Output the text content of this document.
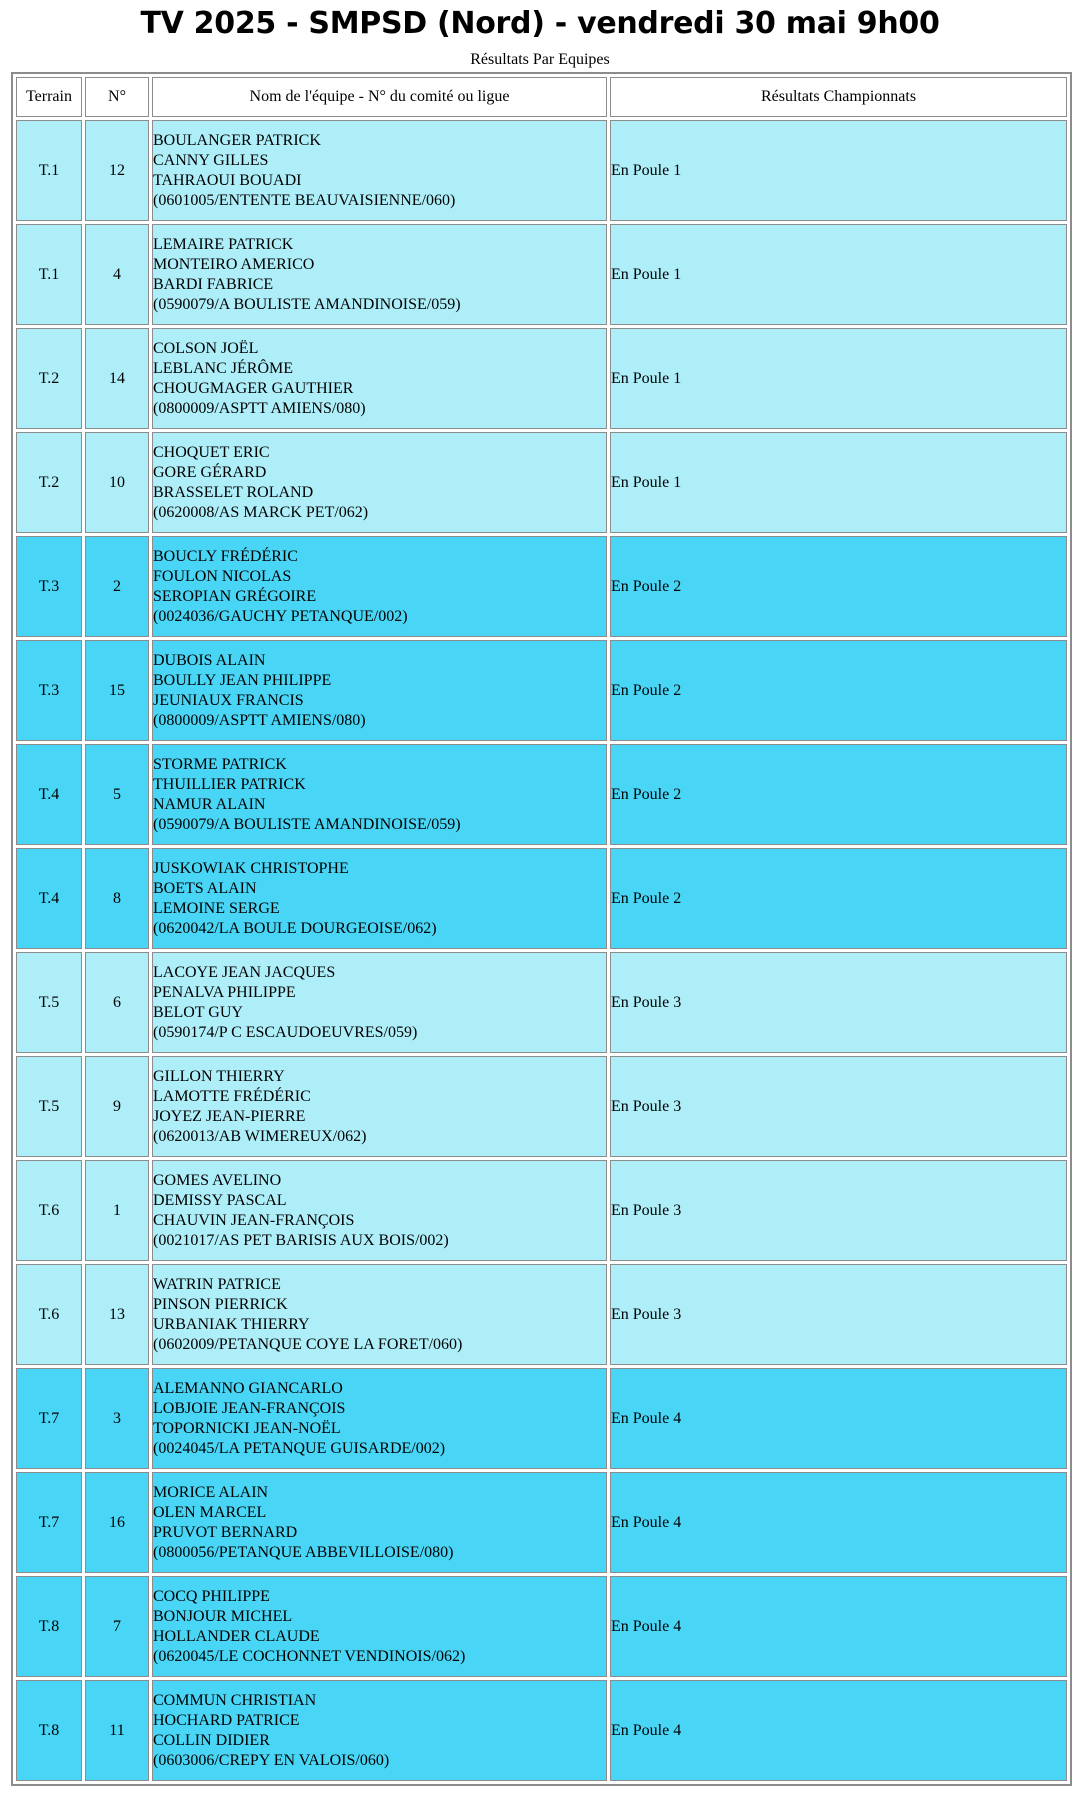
TV 2025 - SMPSD (Nord) - vendredi 30 mai 9h00
Résultats Par Equipes
Terrain	N°	Nom de l'équipe - N° du comité ou ligue	Résultats Championnats
T.1	12	BOULANGER PATRICK
CANNY GILLES
TAHRAOUI BOUADI
(0601005/ENTENTE BEAUVAISIENNE/060)	En Poule 1
T.1	4	LEMAIRE PATRICK
MONTEIRO AMERICO
BARDI FABRICE
(0590079/A BOULISTE AMANDINOISE/059)	En Poule 1
T.2	14	COLSON JOËL
LEBLANC JÉRÔME
CHOUGMAGER GAUTHIER
(0800009/ASPTT AMIENS/080)	En Poule 1
T.2	10	CHOQUET ERIC
GORE GÉRARD
BRASSELET ROLAND
(0620008/AS MARCK PET/062)	En Poule 1
T.3	2	BOUCLY FRÉDÉRIC
FOULON NICOLAS
SEROPIAN GRÉGOIRE
(0024036/GAUCHY PETANQUE/002)	En Poule 2
T.3	15	DUBOIS ALAIN
BOULLY JEAN PHILIPPE
JEUNIAUX FRANCIS
(0800009/ASPTT AMIENS/080)	En Poule 2
T.4	5	STORME PATRICK
THUILLIER PATRICK
NAMUR ALAIN
(0590079/A BOULISTE AMANDINOISE/059)	En Poule 2
T.4	8	JUSKOWIAK CHRISTOPHE
BOETS ALAIN
LEMOINE SERGE
(0620042/LA BOULE DOURGEOISE/062)	En Poule 2
T.5	6	LACOYE JEAN JACQUES
PENALVA PHILIPPE
BELOT GUY
(0590174/P C ESCAUDOEUVRES/059)	En Poule 3
T.5	9	GILLON THIERRY
LAMOTTE FRÉDÉRIC
JOYEZ JEAN-PIERRE
(0620013/AB WIMEREUX/062)	En Poule 3
T.6	1	GOMES AVELINO
DEMISSY PASCAL
CHAUVIN JEAN-FRANÇOIS
(0021017/AS PET BARISIS AUX BOIS/002)	En Poule 3
T.6	13	WATRIN PATRICE
PINSON PIERRICK
URBANIAK THIERRY
(0602009/PETANQUE COYE LA FORET/060)	En Poule 3
T.7	3	ALEMANNO GIANCARLO
LOBJOIE JEAN-FRANÇOIS
TOPORNICKI JEAN-NOËL
(0024045/LA PETANQUE GUISARDE/002)	En Poule 4
T.7	16	MORICE ALAIN
OLEN MARCEL
PRUVOT BERNARD
(0800056/PETANQUE ABBEVILLOISE/080)	En Poule 4
T.8	7	COCQ PHILIPPE
BONJOUR MICHEL
HOLLANDER CLAUDE
(0620045/LE COCHONNET VENDINOIS/062)	En Poule 4
T.8	11	COMMUN CHRISTIAN
HOCHARD PATRICE
COLLIN DIDIER
(0603006/CREPY EN VALOIS/060)	En Poule 4
